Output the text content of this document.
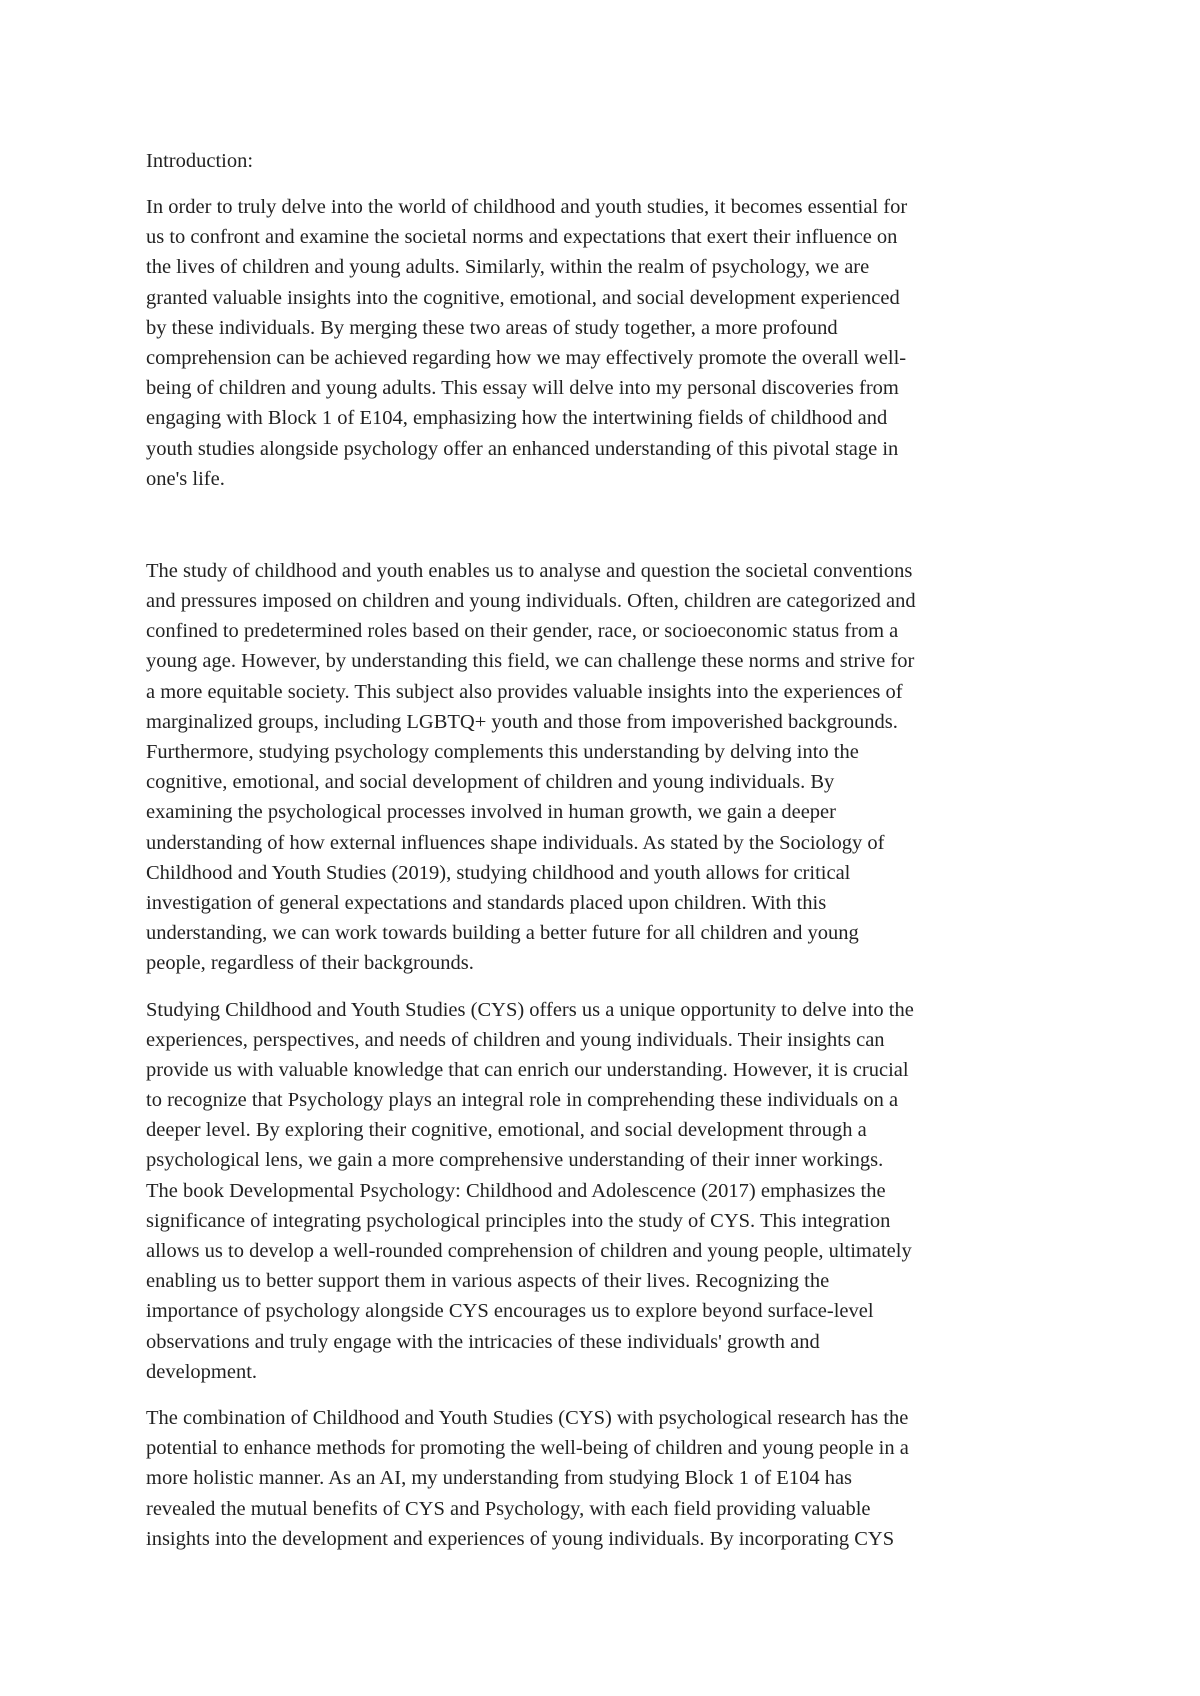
Introduction:

In order to truly delve into the world of childhood and youth studies, it becomes essential for
us to confront and examine the societal norms and expectations that exert their influence on
the lives of children and young adults. Similarly, within the realm of psychology, we are
granted valuable insights into the cognitive, emotional, and social development experienced
by these individuals. By merging these two areas of study together, a more profound
comprehension can be achieved regarding how we may effectively promote the overall well-
being of children and young adults. This essay will delve into my personal discoveries from
engaging with Block 1 of E104, emphasizing how the intertwining fields of childhood and
youth studies alongside psychology offer an enhanced understanding of this pivotal stage in
one's life.
The study of childhood and youth enables us to analyse and question the societal conventions
and pressures imposed on children and young individuals. Often, children are categorized and
confined to predetermined roles based on their gender, race, or socioeconomic status from a
young age. However, by understanding this field, we can challenge these norms and strive for
a more equitable society. This subject also provides valuable insights into the experiences of
marginalized groups, including LGBTQ+ youth and those from impoverished backgrounds.
Furthermore, studying psychology complements this understanding by delving into the
cognitive, emotional, and social development of children and young individuals. By
examining the psychological processes involved in human growth, we gain a deeper
understanding of how external influences shape individuals. As stated by the Sociology of
Childhood and Youth Studies (2019), studying childhood and youth allows for critical
investigation of general expectations and standards placed upon children. With this
understanding, we can work towards building a better future for all children and young
people, regardless of their backgrounds.
Studying Childhood and Youth Studies (CYS) offers us a unique opportunity to delve into the
experiences, perspectives, and needs of children and young individuals. Their insights can
provide us with valuable knowledge that can enrich our understanding. However, it is crucial
to recognize that Psychology plays an integral role in comprehending these individuals on a
deeper level. By exploring their cognitive, emotional, and social development through a
psychological lens, we gain a more comprehensive understanding of their inner workings.
The book Developmental Psychology: Childhood and Adolescence (2017) emphasizes the
significance of integrating psychological principles into the study of CYS. This integration
allows us to develop a well-rounded comprehension of children and young people, ultimately
enabling us to better support them in various aspects of their lives. Recognizing the
importance of psychology alongside CYS encourages us to explore beyond surface-level
observations and truly engage with the intricacies of these individuals' growth and
development.
The combination of Childhood and Youth Studies (CYS) with psychological research has the
potential to enhance methods for promoting the well-being of children and young people in a
more holistic manner. As an AI, my understanding from studying Block 1 of E104 has
revealed the mutual benefits of CYS and Psychology, with each field providing valuable
insights into the development and experiences of young individuals. By incorporating CYS
